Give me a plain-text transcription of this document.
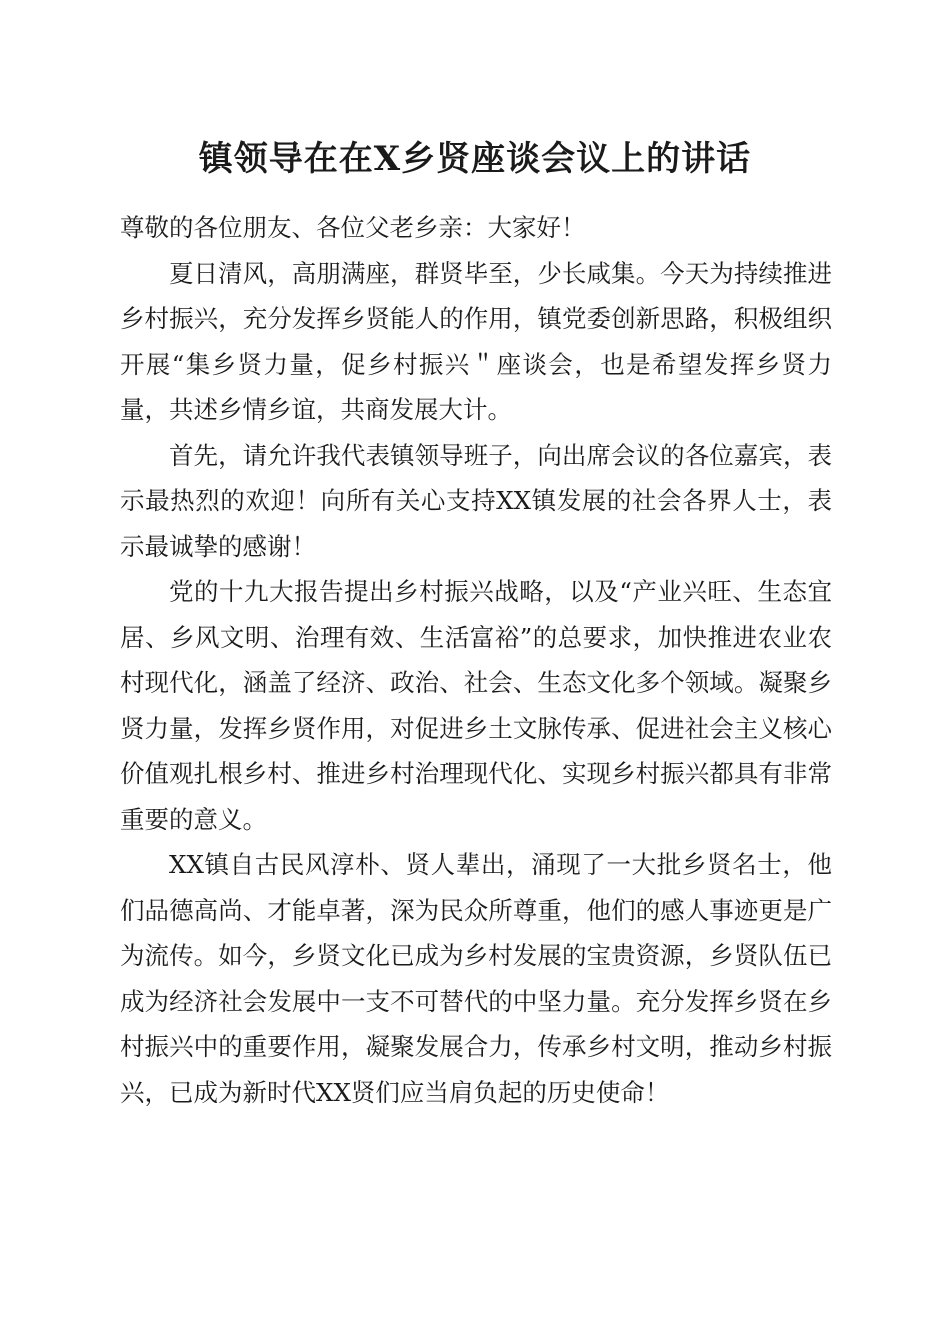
镇领导在在X乡贤座谈会议上的讲话

尊敬的各位朋友、各位父老乡亲：大家好！

夏日清风，高朋满座，群贤毕至，少长咸集。今天为持续推进乡村振兴，充分发挥乡贤能人的作用，镇党委创新思路，积极组织开展“集乡贤力量，促乡村振兴＂座谈会，也是希望发挥乡贤力量，共述乡情乡谊，共商发展大计。

首先，请允许我代表镇领导班子，向出席会议的各位嘉宾，表示最热烈的欢迎！向所有关心支持XX镇发展的社会各界人士，表示最诚挚的感谢！

党的十九大报告提出乡村振兴战略，以及“产业兴旺、生态宜居、乡风文明、治理有效、生活富裕”的总要求，加快推进农业农村现代化，涵盖了经济、政治、社会、生态文化多个领域。凝聚乡贤力量，发挥乡贤作用，对促进乡土文脉传承、促进社会主义核心价值观扎根乡村、推进乡村治理现代化、实现乡村振兴都具有非常重要的意义。

XX镇自古民风淳朴、贤人辈出，涌现了一大批乡贤名士，他们品德高尚、才能卓著，深为民众所尊重，他们的感人事迹更是广为流传。如今，乡贤文化已成为乡村发展的宝贵资源，乡贤队伍已成为经济社会发展中一支不可替代的中坚力量。充分发挥乡贤在乡村振兴中的重要作用，凝聚发展合力，传承乡村文明，推动乡村振兴，已成为新时代XX贤们应当肩负起的历史使命！
